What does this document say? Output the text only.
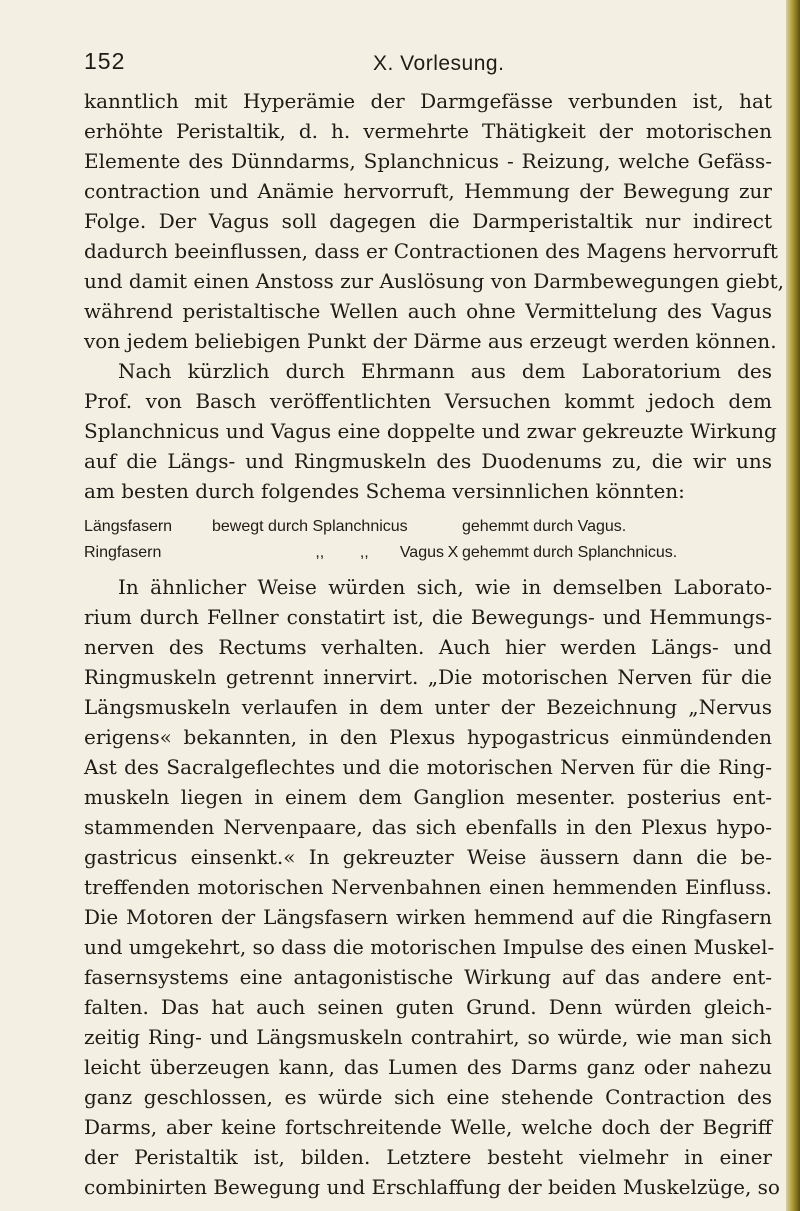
152	X. Vorlesung.
kanntlich mit Hyperämie der Darmgefässe verbunden ist, hat
erhöhte Peristaltik, d. h. vermehrte Thätigkeit der motorischen
Elemente des Dünndarms, Splanchnicus - Reizung, welche Gefäss-
contraction und Anämie hervorruft, Hemmung der Bewegung zur
Folge. Der Vagus soll dagegen die Darmperistaltik nur indirect
dadurch beeinflussen, dass er Contractionen des Magens hervorruft
und damit einen Anstoss zur Auslösung von Darmbewegungen giebt,
während peristaltische Wellen auch ohne Vermittelung des Vagus
von jedem beliebigen Punkt der Därme aus erzeugt werden können.
Nach kürzlich durch Ehrmann aus dem Laboratorium des
Prof. von Basch veröffentlichten Versuchen kommt jedoch dem
Splanchnicus und Vagus eine doppelte und zwar gekreuzte Wirkung
auf die Längs- und Ringmuskeln des Duodenums zu, die wir uns
am besten durch folgendes Schema versinnlichen könnten:
Längsfasern bewegt durch Splanchnicus	gehemmt durch Vagus.
Ringfasern	,,        ,,       Vagus X gehemmt durch Splanchnicus.
In ähnlicher Weise würden sich, wie in demselben Laborato-
rium durch Fellner constatirt ist, die Bewegungs- und Hemmungs-
nerven des Rectums verhalten. Auch hier werden Längs- und
Ringmuskeln getrennt innervirt. „Die motorischen Nerven für die
Längsmuskeln verlaufen in dem unter der Bezeichnung „Nervus
erigens« bekannten, in den Plexus hypogastricus einmündenden
Ast des Sacralgeflechtes und die motorischen Nerven für die Ring-
muskeln liegen in einem dem Ganglion mesenter. posterius ent-
stammenden Nervenpaare, das sich ebenfalls in den Plexus hypo-
gastricus einsenkt.« In gekreuzter Weise äussern dann die be-
treffenden motorischen Nervenbahnen einen hemmenden Einfluss.
Die Motoren der Längsfasern wirken hemmend auf die Ringfasern
und umgekehrt, so dass die motorischen Impulse des einen Muskel-
fasernsystems eine antagonistische Wirkung auf das andere ent-
falten. Das hat auch seinen guten Grund. Denn würden gleich-
zeitig Ring- und Längsmuskeln contrahirt, so würde, wie man sich
leicht überzeugen kann, das Lumen des Darms ganz oder nahezu
ganz geschlossen, es würde sich eine stehende Contraction des
Darms, aber keine fortschreitende Welle, welche doch der Begriff
der Peristaltik ist, bilden. Letztere besteht vielmehr in einer
combinirten Bewegung und Erschlaffung der beiden Muskelzüge, so
